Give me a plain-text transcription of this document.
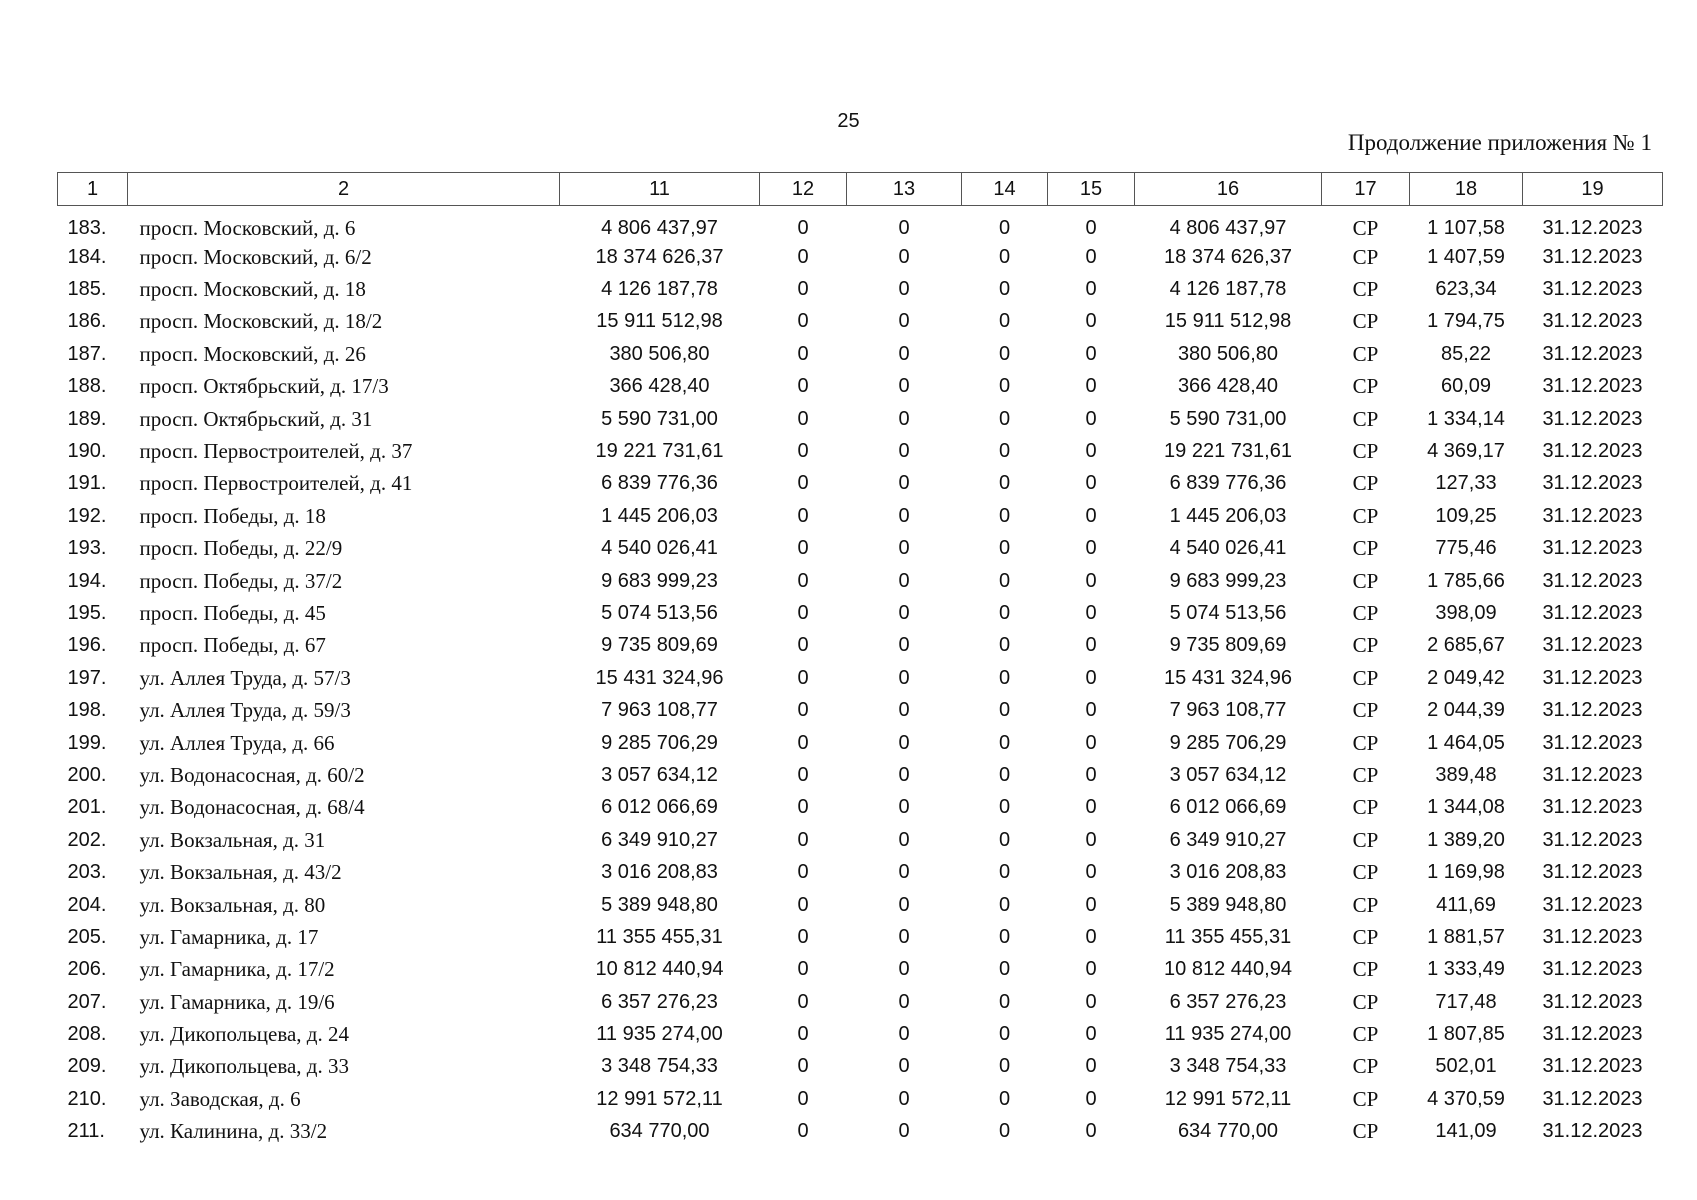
25
Продолжение приложения № 1
1	2	11	12	13	14	15	16	17	18	19
183.	просп. Московский, д. 6	4 806 437,97	0	0	0	0	4 806 437,97	СР	1 107,58	31.12.2023
184.	просп. Московский, д. 6/2	18 374 626,37	0	0	0	0	18 374 626,37	СР	1 407,59	31.12.2023
185.	просп. Московский, д. 18	4 126 187,78	0	0	0	0	4 126 187,78	СР	623,34	31.12.2023
186.	просп. Московский, д. 18/2	15 911 512,98	0	0	0	0	15 911 512,98	СР	1 794,75	31.12.2023
187.	просп. Московский, д. 26	380 506,80	0	0	0	0	380 506,80	СР	85,22	31.12.2023
188.	просп. Октябрьский, д. 17/3	366 428,40	0	0	0	0	366 428,40	СР	60,09	31.12.2023
189.	просп. Октябрьский, д. 31	5 590 731,00	0	0	0	0	5 590 731,00	СР	1 334,14	31.12.2023
190.	просп. Первостроителей, д. 37	19 221 731,61	0	0	0	0	19 221 731,61	СР	4 369,17	31.12.2023
191.	просп. Первостроителей, д. 41	6 839 776,36	0	0	0	0	6 839 776,36	СР	127,33	31.12.2023
192.	просп. Победы, д. 18	1 445 206,03	0	0	0	0	1 445 206,03	СР	109,25	31.12.2023
193.	просп. Победы, д. 22/9	4 540 026,41	0	0	0	0	4 540 026,41	СР	775,46	31.12.2023
194.	просп. Победы, д. 37/2	9 683 999,23	0	0	0	0	9 683 999,23	СР	1 785,66	31.12.2023
195.	просп. Победы, д. 45	5 074 513,56	0	0	0	0	5 074 513,56	СР	398,09	31.12.2023
196.	просп. Победы, д. 67	9 735 809,69	0	0	0	0	9 735 809,69	СР	2 685,67	31.12.2023
197.	ул. Аллея Труда, д. 57/3	15 431 324,96	0	0	0	0	15 431 324,96	СР	2 049,42	31.12.2023
198.	ул. Аллея Труда, д. 59/3	7 963 108,77	0	0	0	0	7 963 108,77	СР	2 044,39	31.12.2023
199.	ул. Аллея Труда, д. 66	9 285 706,29	0	0	0	0	9 285 706,29	СР	1 464,05	31.12.2023
200.	ул. Водонасосная, д. 60/2	3 057 634,12	0	0	0	0	3 057 634,12	СР	389,48	31.12.2023
201.	ул. Водонасосная, д. 68/4	6 012 066,69	0	0	0	0	6 012 066,69	СР	1 344,08	31.12.2023
202.	ул. Вокзальная, д. 31	6 349 910,27	0	0	0	0	6 349 910,27	СР	1 389,20	31.12.2023
203.	ул. Вокзальная, д. 43/2	3 016 208,83	0	0	0	0	3 016 208,83	СР	1 169,98	31.12.2023
204.	ул. Вокзальная, д. 80	5 389 948,80	0	0	0	0	5 389 948,80	СР	411,69	31.12.2023
205.	ул. Гамарника, д. 17	11 355 455,31	0	0	0	0	11 355 455,31	СР	1 881,57	31.12.2023
206.	ул. Гамарника, д. 17/2	10 812 440,94	0	0	0	0	10 812 440,94	СР	1 333,49	31.12.2023
207.	ул. Гамарника, д. 19/6	6 357 276,23	0	0	0	0	6 357 276,23	СР	717,48	31.12.2023
208.	ул. Дикопольцева, д. 24	11 935 274,00	0	0	0	0	11 935 274,00	СР	1 807,85	31.12.2023
209.	ул. Дикопольцева, д. 33	3 348 754,33	0	0	0	0	3 348 754,33	СР	502,01	31.12.2023
210.	ул. Заводская, д. 6	12 991 572,11	0	0	0	0	12 991 572,11	СР	4 370,59	31.12.2023
211.	ул. Калинина, д. 33/2	634 770,00	0	0	0	0	634 770,00	СР	141,09	31.12.2023
